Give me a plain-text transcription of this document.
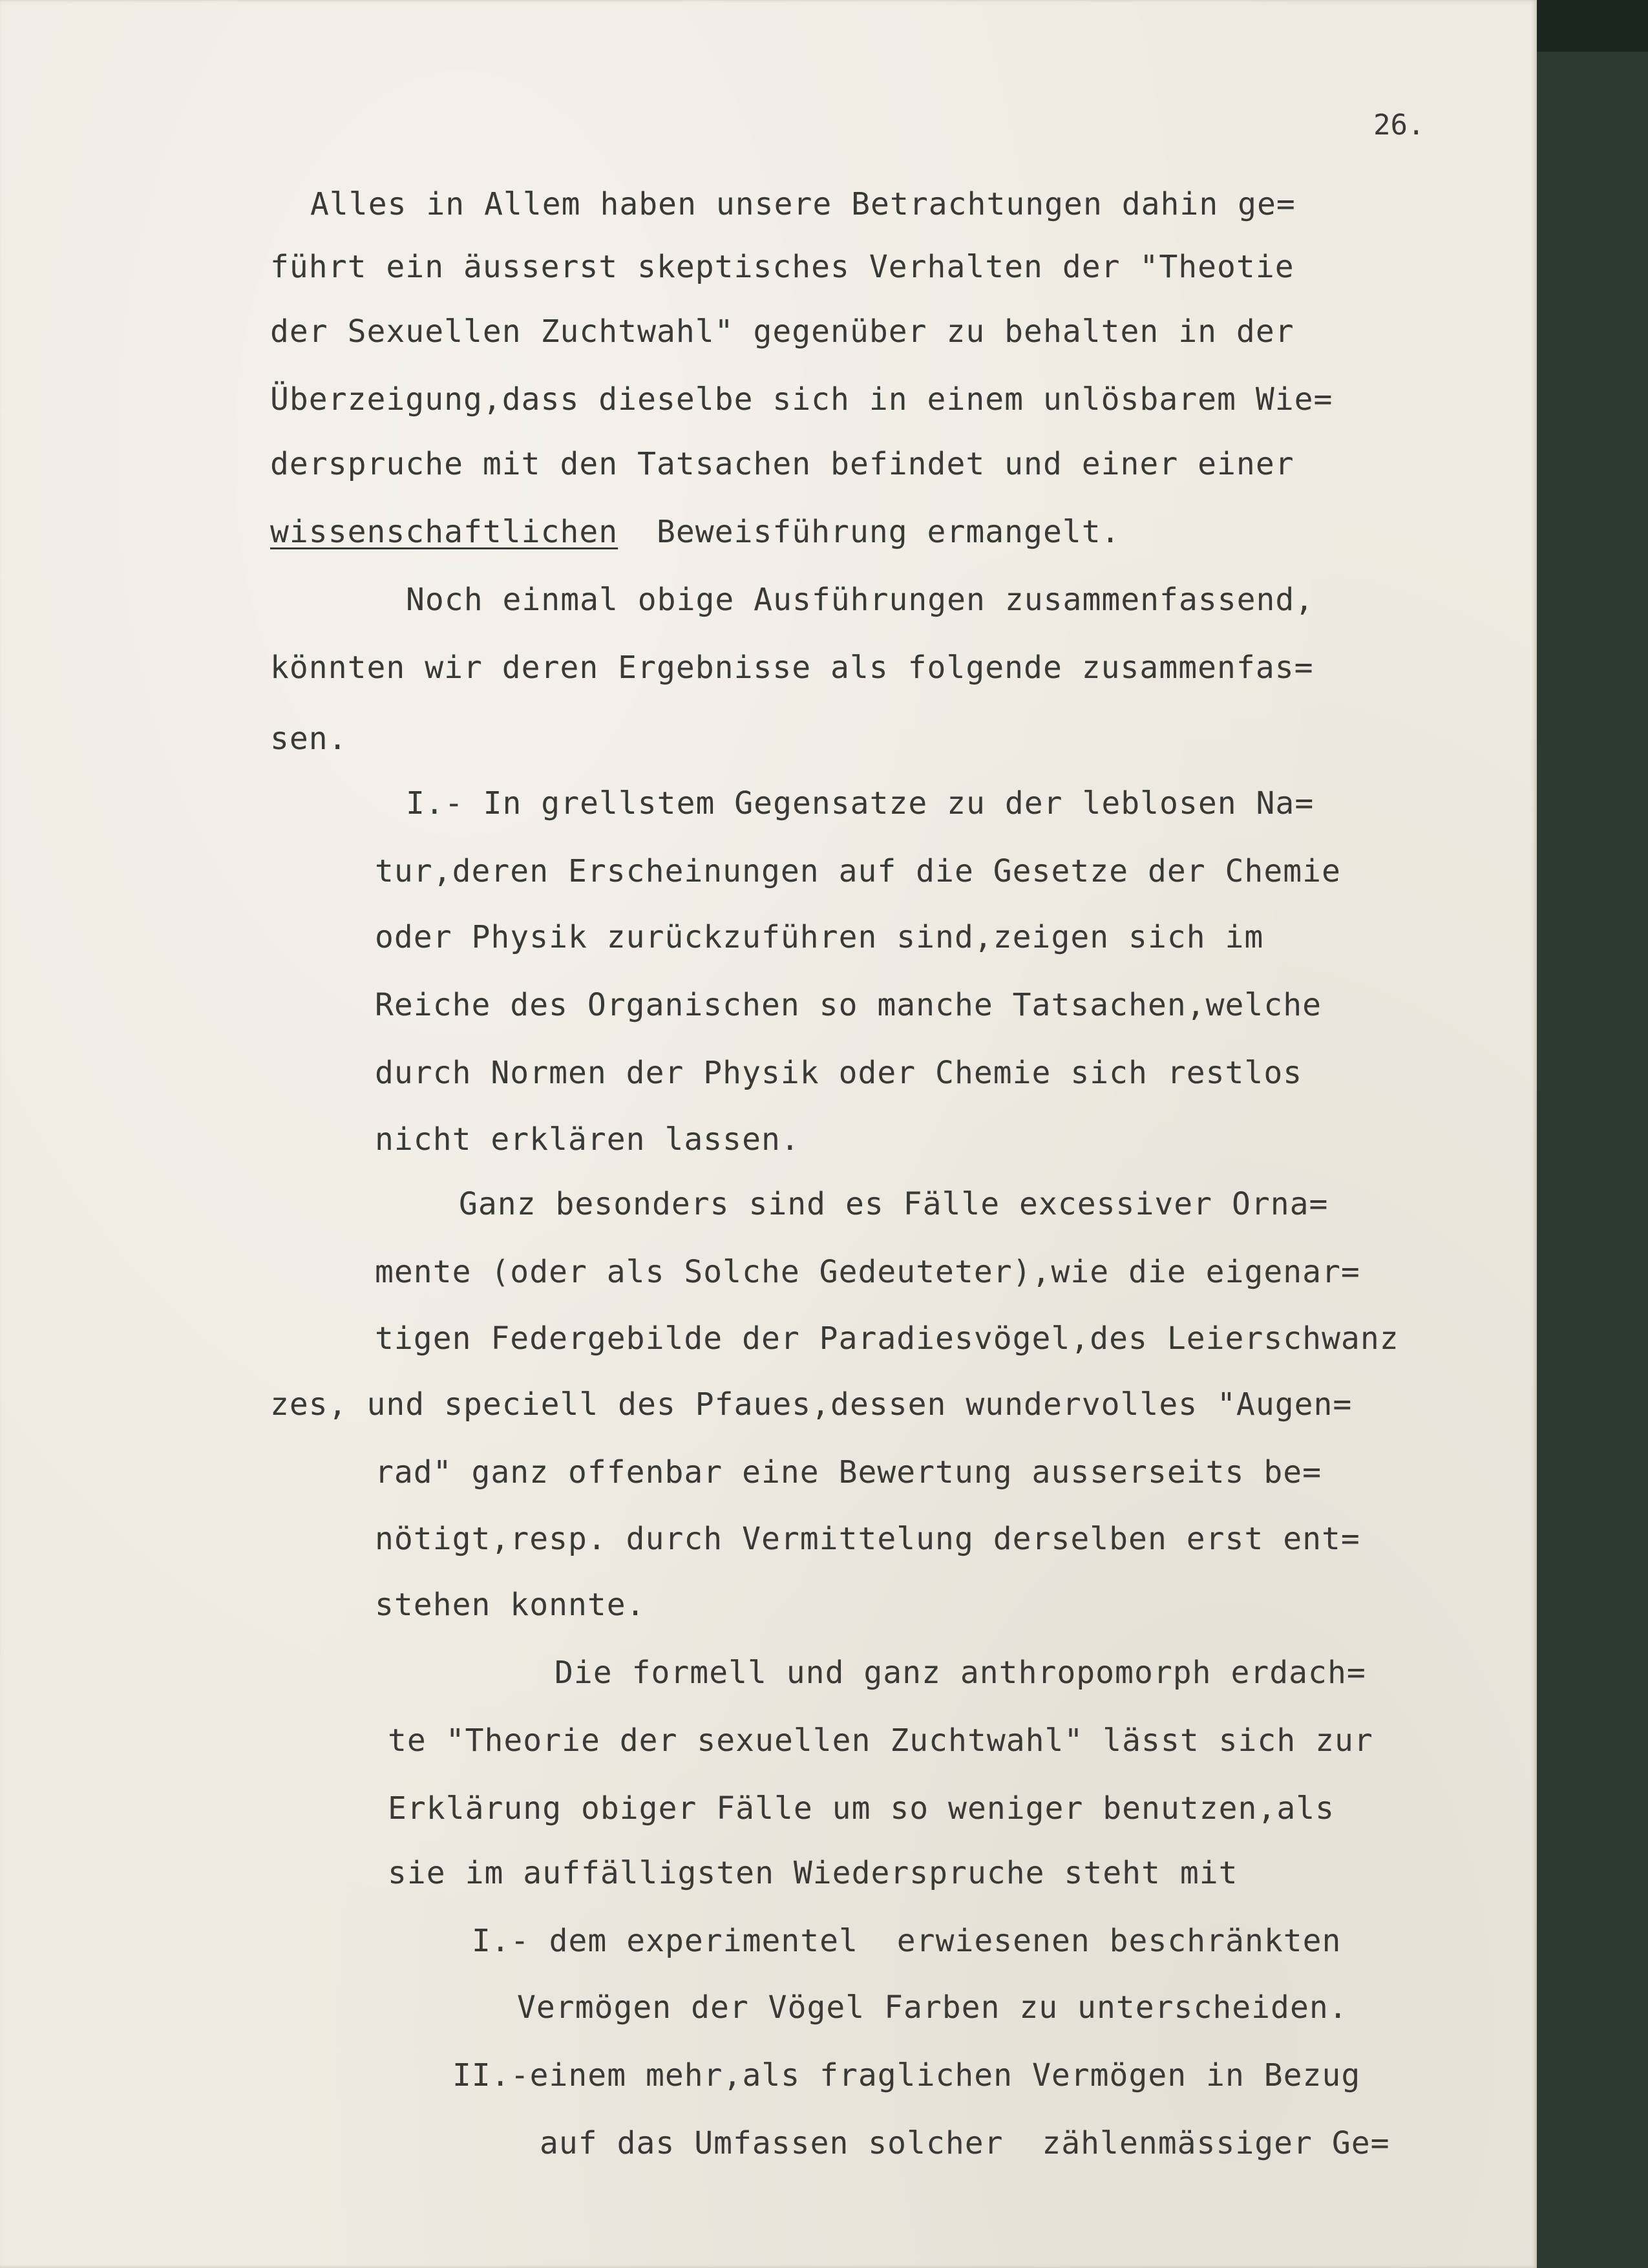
26.

Alles in Allem haben unsere Betrachtungen dahin ge=

führt ein äusserst skeptisches Verhalten der "Theotie

der Sexuellen Zuchtwahl" gegenüber zu behalten in der

Überzeigung,dass dieselbe sich in einem unlösbarem Wie=

derspruche mit den Tatsachen befindet und einer einer

wissenschaftlichen  Beweisführung ermangelt.

Noch einmal obige Ausführungen zusammenfassend,

könnten wir deren Ergebnisse als folgende zusammenfas=

sen.

I.- In grellstem Gegensatze zu der leblosen Na=

tur,deren Erscheinungen auf die Gesetze der Chemie

oder Physik zurückzuführen sind,zeigen sich im

Reiche des Organischen so manche Tatsachen,welche

durch Normen der Physik oder Chemie sich restlos

nicht erklären lassen.

Ganz besonders sind es Fälle excessiver Orna=

mente (oder als Solche Gedeuteter),wie die eigenar=

tigen Federgebilde der Paradiesvögel,des Leierschwanz

zes, und speciell des Pfaues,dessen wundervolles "Augen=

rad" ganz offenbar eine Bewertung ausserseits be=

nötigt,resp. durch Vermittelung derselben erst ent=

stehen konnte.

Die formell und ganz anthropomorph erdach=

te "Theorie der sexuellen Zuchtwahl" lässt sich zur

Erklärung obiger Fälle um so weniger benutzen,als

sie im auffälligsten Wiederspruche steht mit

I.- dem experimentel  erwiesenen beschränkten

Vermögen der Vögel Farben zu unterscheiden.

II.-einem mehr,als fraglichen Vermögen in Bezug

auf das Umfassen solcher  zählenmässiger Ge=
